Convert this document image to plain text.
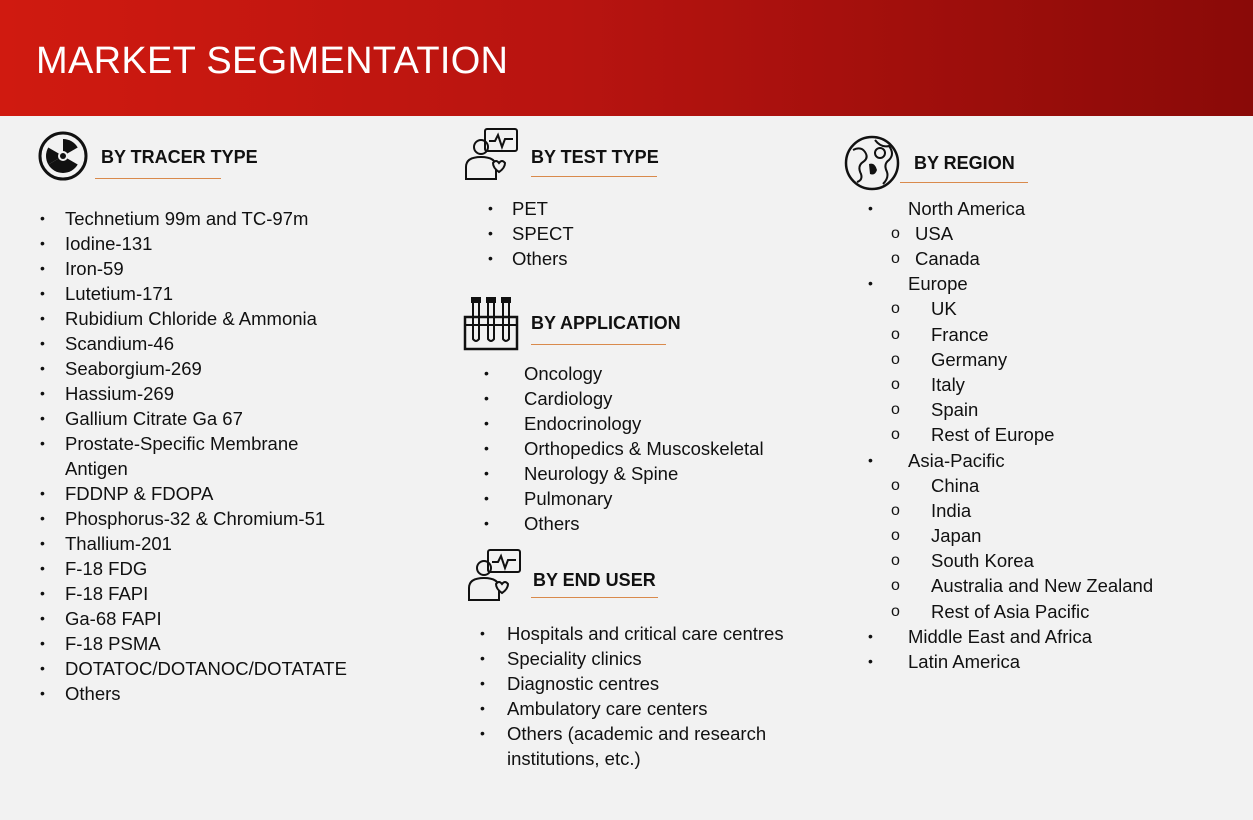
MARKET SEGMENTATION
BY TRACER TYPE
• Technetium 99m and TC-97m
• Iodine-131
• Iron-59
• Lutetium-171
• Rubidium Chloride & Ammonia
• Scandium-46
• Seaborgium-269
• Hassium-269
• Gallium Citrate Ga 67
• Prostate-Specific Membrane Antigen
• FDDNP & FDOPA
• Phosphorus-32 & Chromium-51
• Thallium-201
• F-18 FDG
• F-18 FAPI
• Ga-68 FAPI
• F-18 PSMA
• DOTATOC/DOTANOC/DOTATATE
• Others
BY TEST TYPE
• PET
• SPECT
• Others
BY APPLICATION
• Oncology
• Cardiology
• Endocrinology
• Orthopedics & Muscoskeletal
• Neurology & Spine
• Pulmonary
• Others
BY END USER
• Hospitals and critical care centres
• Speciality clinics
• Diagnostic centres
• Ambulatory care centers
• Others (academic and research institutions, etc.)
BY REGION
• North America
o USA
o Canada
• Europe
o UK
o France
o Germany
o Italy
o Spain
o Rest of Europe
• Asia-Pacific
o China
o India
o Japan
o South Korea
o Australia and New Zealand
o Rest of Asia Pacific
• Middle East and Africa
• Latin America
